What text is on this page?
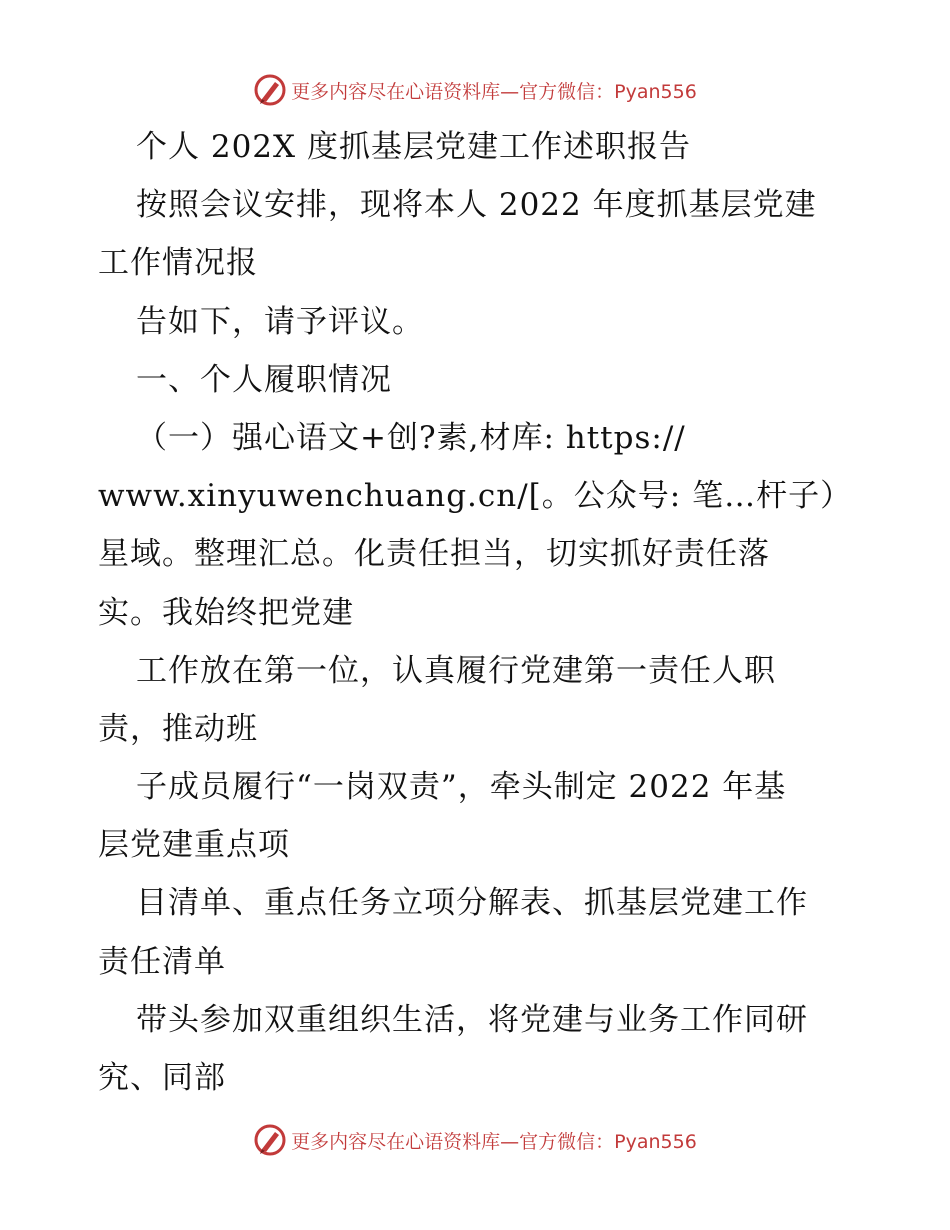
更多内容尽在心语资料库—官方微信：Pyan556
个人 202X 度抓基层党建工作述职报告
按照会议安排，现将本人 2022 年度抓基层党建
工作情况报
告如下，请予评议。
一、个人履职情况
（一）强心语文+创?素,材库: https://
www.xinyuwenchuang.cn/[。公众号: 笔…杆子）
星域。整理汇总。化责任担当，切实抓好责任落
实。我始终把党建
工作放在第一位，认真履行党建第一责任人职
责，推动班
子成员履行“一岗双责”，牵头制定 2022 年基
层党建重点项
目清单、重点任务立项分解表、抓基层党建工作
责任清单
带头参加双重组织生活，将党建与业务工作同研
究、同部
更多内容尽在心语资料库—官方微信：Pyan556
